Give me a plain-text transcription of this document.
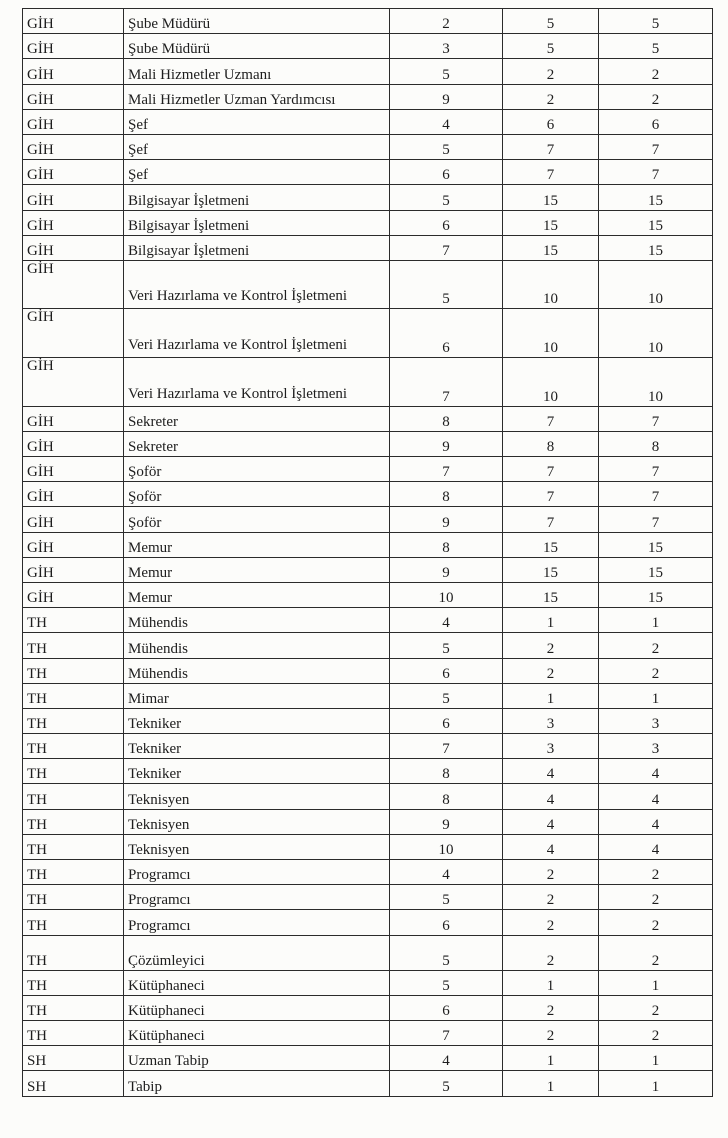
GİH	Şube Müdürü	2	5	5
GİH	Şube Müdürü	3	5	5
GİH	Mali Hizmetler Uzmanı	5	2	2
GİH	Mali Hizmetler Uzman Yardımcısı	9	2	2
GİH	Şef	4	6	6
GİH	Şef	5	7	7
GİH	Şef	6	7	7
GİH	Bilgisayar İşletmeni	5	15	15
GİH	Bilgisayar İşletmeni	6	15	15
GİH	Bilgisayar İşletmeni	7	15	15
GİH	Veri Hazırlama ve Kontrol İşletmeni	5	10	10
GİH	Veri Hazırlama ve Kontrol İşletmeni	6	10	10
GİH	Veri Hazırlama ve Kontrol İşletmeni	7	10	10
GİH	Sekreter	8	7	7
GİH	Sekreter	9	8	8
GİH	Şoför	7	7	7
GİH	Şoför	8	7	7
GİH	Şoför	9	7	7
GİH	Memur	8	15	15
GİH	Memur	9	15	15
GİH	Memur	10	15	15
TH	Mühendis	4	1	1
TH	Mühendis	5	2	2
TH	Mühendis	6	2	2
TH	Mimar	5	1	1
TH	Tekniker	6	3	3
TH	Tekniker	7	3	3
TH	Tekniker	8	4	4
TH	Teknisyen	8	4	4
TH	Teknisyen	9	4	4
TH	Teknisyen	10	4	4
TH	Programcı	4	2	2
TH	Programcı	5	2	2
TH	Programcı	6	2	2
TH	Çözümleyici	5	2	2
TH	Kütüphaneci	5	1	1
TH	Kütüphaneci	6	2	2
TH	Kütüphaneci	7	2	2
SH	Uzman Tabip	4	1	1
SH	Tabip	5	1	1
